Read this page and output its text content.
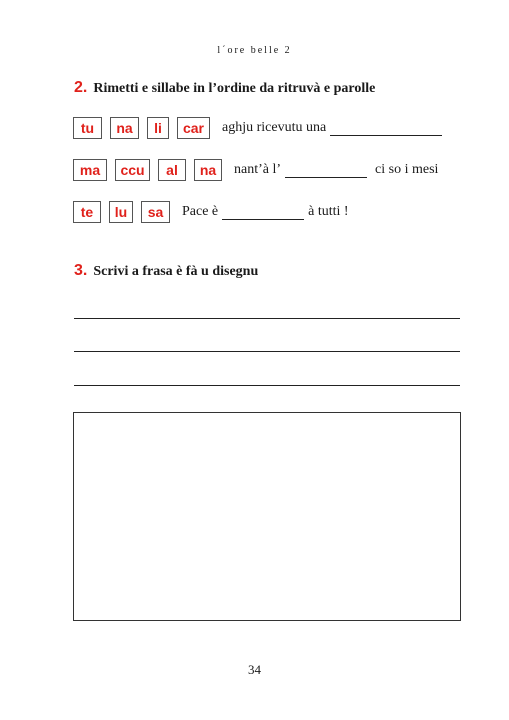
l´ore belle 2
2. Rimetti e sillabe in l’ordine da ritruvà e parolle
tu	na	li	car	aghju ricevutu una
ma	ccu	al	na	nant’à l’	ci so i mesi
te	lu	sa	Pace è	à tutti !
3. Scrivi a frasa è fà u disegnu
34
